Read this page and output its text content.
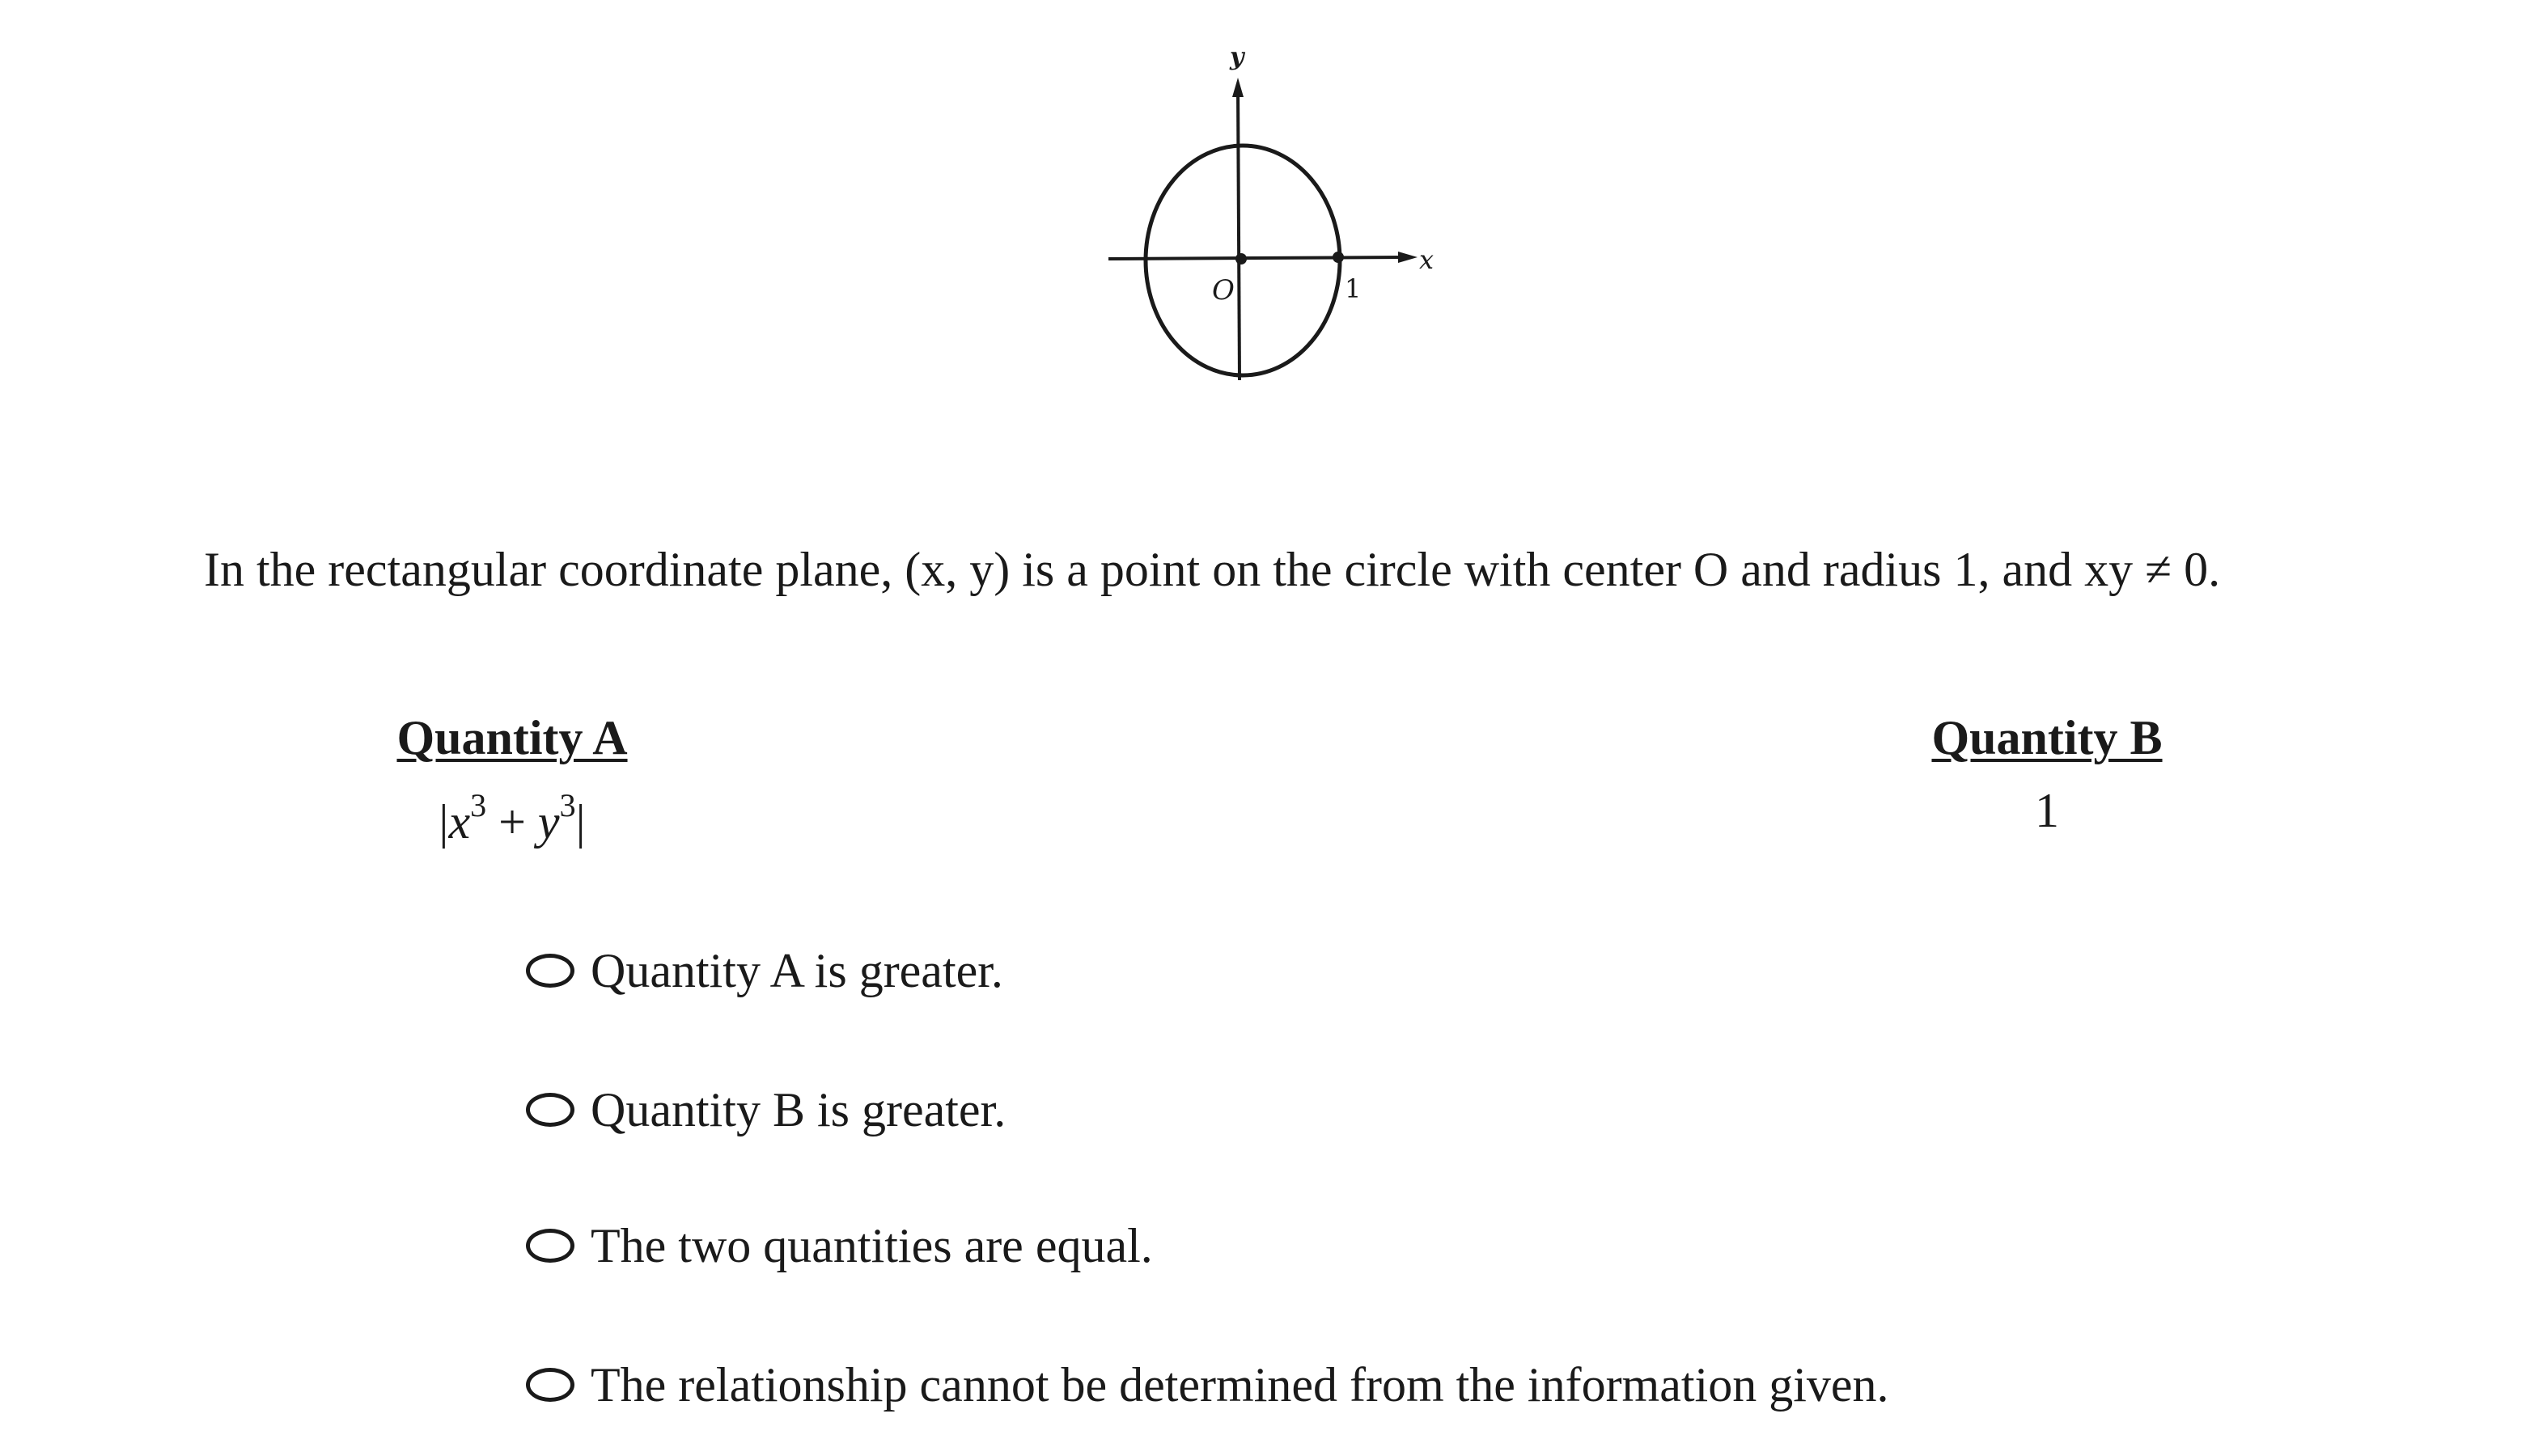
y
x
O	1
In the rectangular coordinate plane, (x, y) is a point on the circle with center O and radius 1, and xy ≠ 0.
Quantity A
$|x^3 + y^3|$
Quantity B
1
Quantity A is greater.
Quantity B is greater.
The two quantities are equal.
The relationship cannot be determined from the information given.
